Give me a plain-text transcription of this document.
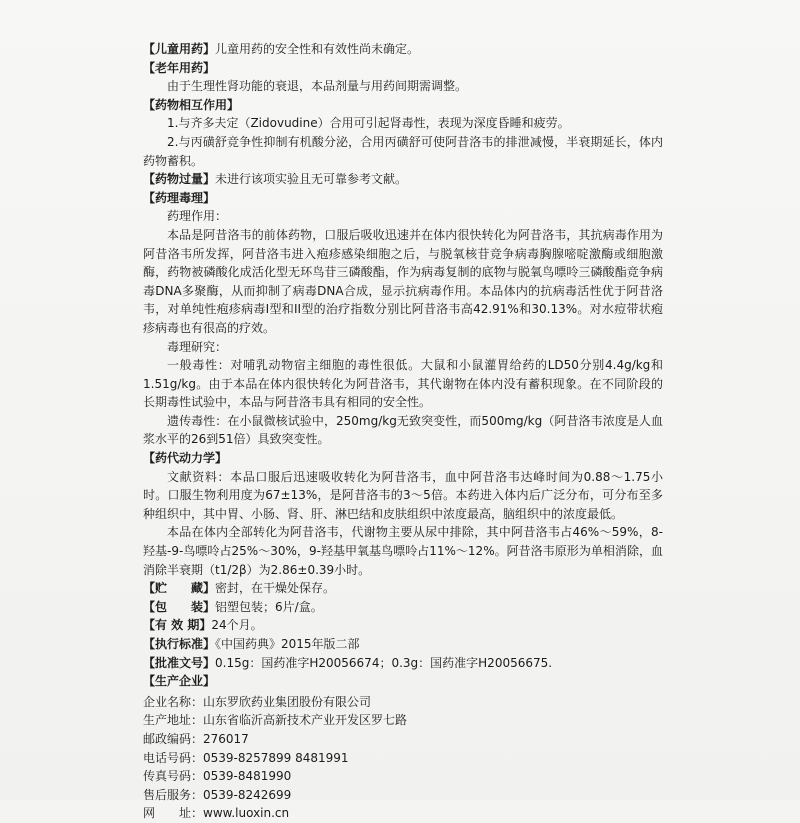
【儿童用药】儿童用药的安全性和有效性尚未确定。

【老年用药】

由于生理性肾功能的衰退，本品剂量与用药间期需调整。

【药物相互作用】

1.与齐多夫定（Zidovudine）合用可引起肾毒性，表现为深度昏睡和疲劳。

2.与丙磺舒竞争性抑制有机酸分泌，合用丙磺舒可使阿昔洛韦的排泄减慢，半衰期延长，体内药物蓄积。

【药物过量】未进行该项实验且无可靠参考文献。

【药理毒理】

药理作用：

本品是阿昔洛韦的前体药物，口服后吸收迅速并在体内很快转化为阿昔洛韦，其抗病毒作用为阿昔洛韦所发挥，阿昔洛韦进入疱疹感染细胞之后，与脱氧核苷竞争病毒胸腺嘧啶激酶或细胞激酶，药物被磷酸化成活化型无环鸟苷三磷酸酯，作为病毒复制的底物与脱氧鸟嘌呤三磷酸酯竞争病毒DNA多聚酶，从而抑制了病毒DNA合成，显示抗病毒作用。本品体内的抗病毒活性优于阿昔洛韦，对单纯性疱疹病毒I型和II型的治疗指数分别比阿昔洛韦高42.91%和30.13%。对水痘带状疱疹病毒也有很高的疗效。

毒理研究：

一般毒性：对哺乳动物宿主细胞的毒性很低。大鼠和小鼠灌胃给药的LD50分别4.4g/kg和1.51g/kg。由于本品在体内很快转化为阿昔洛韦，其代谢物在体内没有蓄积现象。在不同阶段的长期毒性试验中，本品与阿昔洛韦具有相同的安全性。

遗传毒性：在小鼠微核试验中，250mg/kg无致突变性，而500mg/kg（阿昔洛韦浓度是人血浆水平的26到51倍）具致突变性。

【药代动力学】

文献资料：本品口服后迅速吸收转化为阿昔洛韦，血中阿昔洛韦达峰时间为0.88～1.75小时。口服生物利用度为67±13%，是阿昔洛韦的3～5倍。本药进入体内后广泛分布，可分布至多种组织中，其中胃、小肠、肾、肝、淋巴结和皮肤组织中浓度最高，脑组织中的浓度最低。

本品在体内全部转化为阿昔洛韦，代谢物主要从尿中排除，其中阿昔洛韦占46%～59%，8-羟基-9-鸟嘌呤占25%～30%，9-羟基甲氧基鸟嘌呤占11%～12%。阿昔洛韦原形为单相消除，血消除半衰期（t1/2β）为2.86±0.39小时。

【贮　　藏】密封，在干燥处保存。

【包　　装】铝塑包装；6片/盒。

【有 效 期】24个月。

【执行标准】《中国药典》2015年版二部

【批准文号】0.15g：国药准字H20056674；0.3g：国药准字H20056675.

【生产企业】

企业名称： 山东罗欣药业集团股份有限公司
生产地址： 山东省临沂高新技术产业开发区罗七路
邮政编码： 276017
电话号码： 0539-8257899 8481991
传真号码： 0539-8481990
售后服务： 0539-8242699
网　　址： www.luoxin.cn
